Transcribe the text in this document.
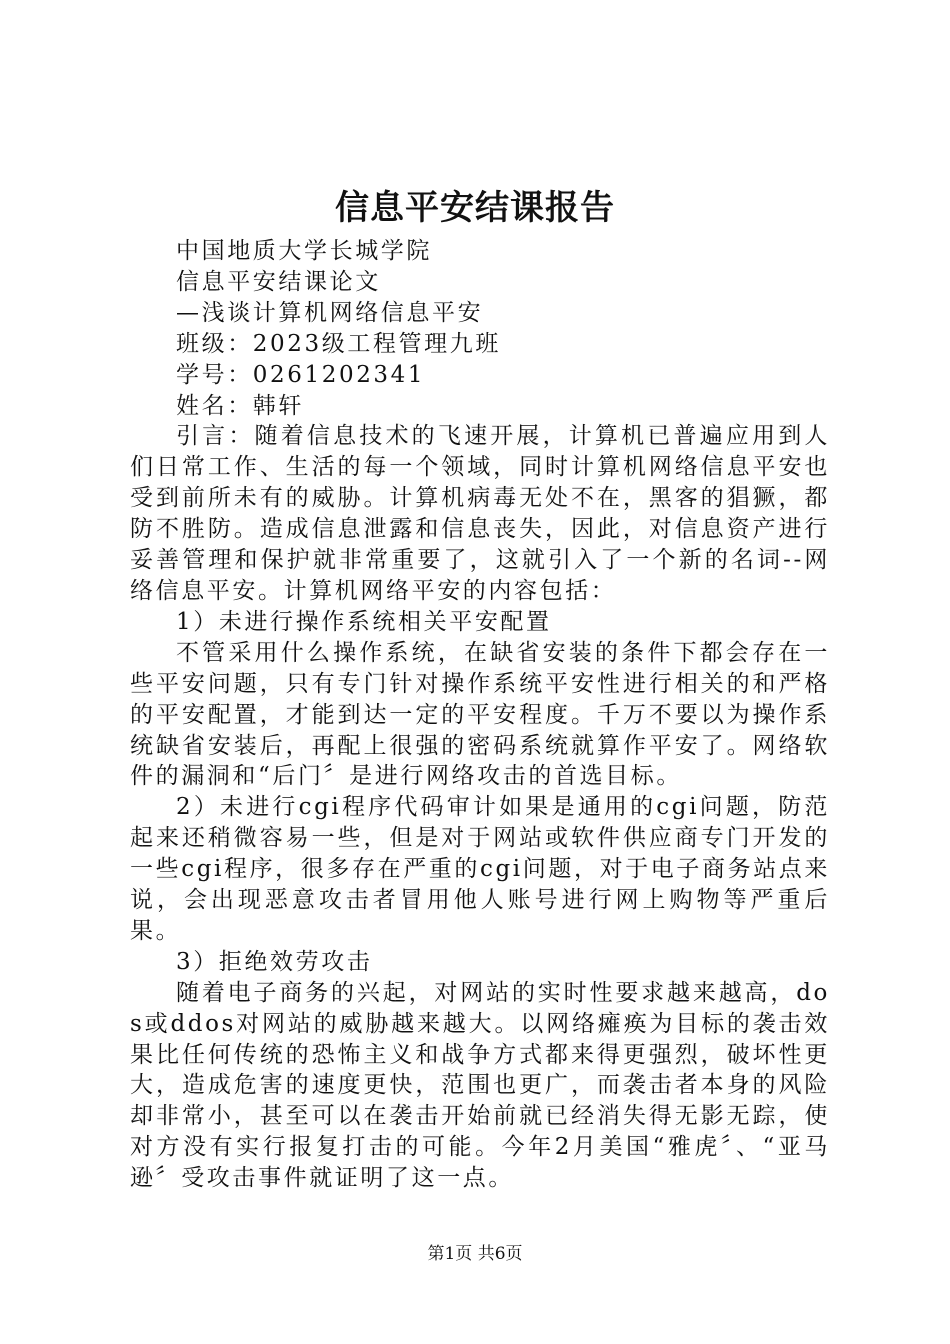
信息平安结课报告

中国地质大学长城学院

信息平安结课论文

—浅谈计算机网络信息平安

班级：2023级工程管理九班

学号：0261202341

姓名：韩轩

引言：随着信息技术的飞速开展，计算机已普遍应用到人们日常工作、生活的每一个领域，同时计算机网络信息平安也受到前所未有的威胁。计算机病毒无处不在，黑客的猖獗，都防不胜防。造成信息泄露和信息丧失，因此，对信息资产进行妥善管理和保护就非常重要了，这就引入了一个新的名词--网络信息平安。计算机网络平安的内容包括：

1）未进行操作系统相关平安配置

不管采用什么操作系统，在缺省安装的条件下都会存在一些平安问题，只有专门针对操作系统平安性进行相关的和严格的平安配置，才能到达一定的平安程度。千万不要以为操作系统缺省安装后，再配上很强的密码系统就算作平安了。网络软件的漏洞和“后门〞是进行网络攻击的首选目标。

2）未进行cgi程序代码审计如果是通用的cgi问题，防范起来还稍微容易一些，但是对于网站或软件供应商专门开发的一些cgi程序，很多存在严重的cgi问题，对于电子商务站点来说，会出现恶意攻击者冒用他人账号进行网上购物等严重后果。

3）拒绝效劳攻击

随着电子商务的兴起，对网站的实时性要求越来越高，dos或ddos对网站的威胁越来越大。以网络瘫痪为目标的袭击效果比任何传统的恐怖主义和战争方式都来得更强烈，破坏性更大，造成危害的速度更快，范围也更广，而袭击者本身的风险却非常小，甚至可以在袭击开始前就已经消失得无影无踪，使对方没有实行报复打击的可能。今年2月美国“雅虎〞、“亚马逊〞受攻击事件就证明了这一点。

第1页 共6页
